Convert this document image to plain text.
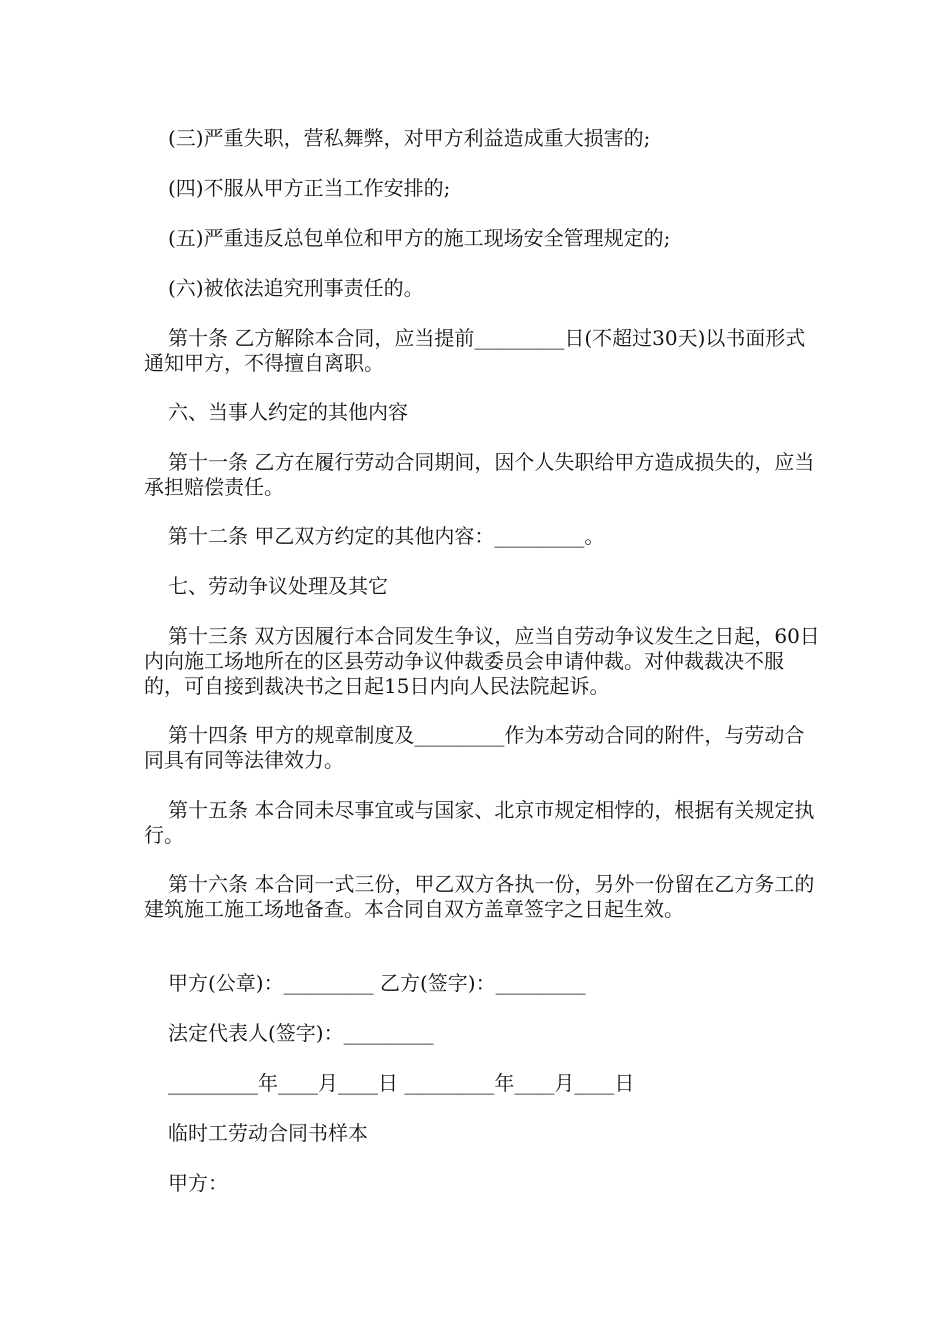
(三)严重失职，营私舞弊，对甲方利益造成重大损害的;

(四)不服从甲方正当工作安排的;

(五)严重违反总包单位和甲方的施工现场安全管理规定的;

(六)被依法追究刑事责任的。

第十条 乙方解除本合同，应当提前_________日(不超过30天)以书面形式通知甲方，不得擅自离职。

六、当事人约定的其他内容

第十一条 乙方在履行劳动合同期间，因个人失职给甲方造成损失的，应当承担赔偿责任。

第十二条 甲乙双方约定的其他内容：_________。

七、劳动争议处理及其它

第十三条 双方因履行本合同发生争议，应当自劳动争议发生之日起，60日内向施工场地所在的区县劳动争议仲裁委员会申请仲裁。对仲裁裁决不服的，可自接到裁决书之日起15日内向人民法院起诉。

第十四条 甲方的规章制度及_________作为本劳动合同的附件，与劳动合同具有同等法律效力。

第十五条 本合同未尽事宜或与国家、北京市规定相悖的，根据有关规定执行。

第十六条 本合同一式三份，甲乙双方各执一份，另外一份留在乙方务工的建筑施工施工场地备查。本合同自双方盖章签字之日起生效。

甲方(公章)：_________ 乙方(签字)：_________

法定代表人(签字)：_________

_________年____月____日 _________年____月____日

临时工劳动合同书样本

甲方：
